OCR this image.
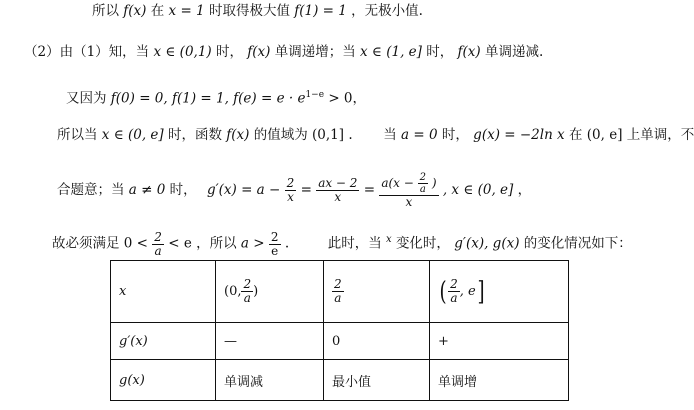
所以 f(x) 在 x = 1 时取得极大值 f(1) = 1 ，无极小值.
（2）由（1）知，当 x ∈ (0,1) 时， f(x) 单调递增；当 x ∈ (1, e] 时， f(x) 单调递减.
又因为 f(0) = 0, f(1) = 1, $f(e) = e \cdot e^{1-e} > 0$，
所以当 x ∈ (0, e] 时，函数 f(x) 的值域为 (0,1] . 当 a = 0 时， g(x) = −2ln x 在 (0, e] 上单调，不
合题意；当 a ≠ 0 时， $g'(x) = a - \frac{2}{x} = \frac{ax - 2}{x} = \frac{a(x - \frac{2}{a} )}{x}$ , x ∈ (0, e] ，
故必须满足 $0 < \frac{2}{a} < e$ ，所以 $a > \frac{2}{e}$ .	此时，当 $^x$ 变化时， g′(x), g(x) 的变化情况如下：
x	(0, $\frac{2}{a}$ )	$\frac{2}{a}$	( $\frac{2}{a}$ , e]
g′(x)	—	0	+
g(x)	单调减	最小值	单调增
